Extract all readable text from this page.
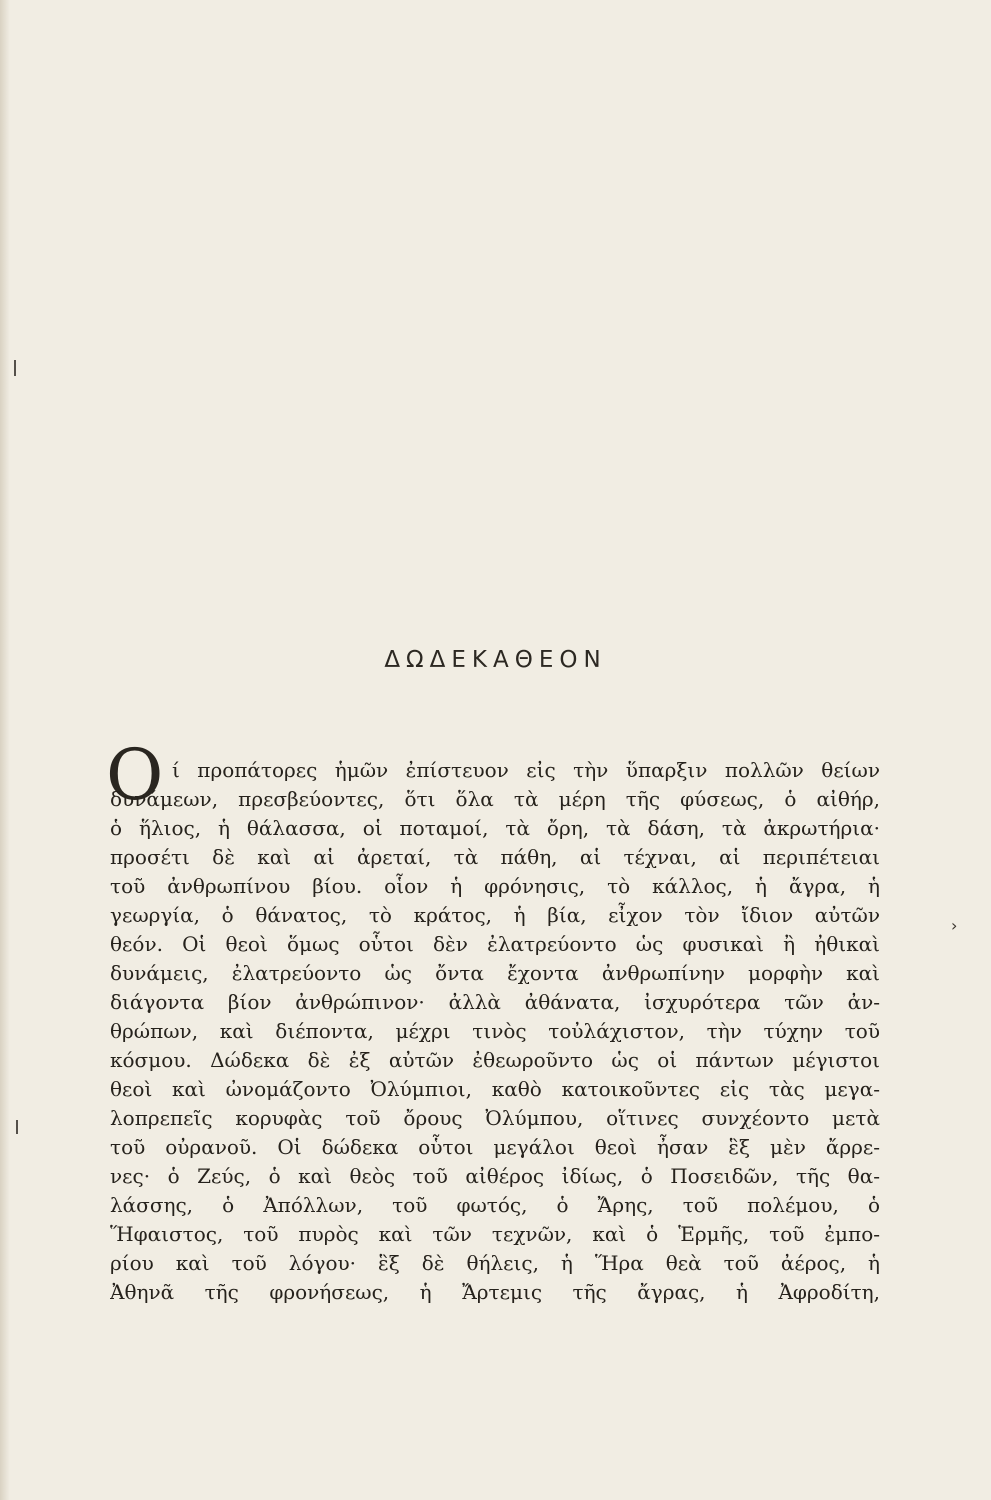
›
ΔΩΔΕΚΑΘΕΟΝ
O ί προπάτορες ἡμῶν ἐπίστευον εἰς τὴν ὕπαρξιν πολλῶν θείων
δυνάμεων, πρεσβεύοντες, ὅτι ὅλα τὰ μέρη τῆς φύσεως, ὁ αἰθήρ,
ὁ ἥλιος, ἡ θάλασσα, οἱ ποταμοί, τὰ ὄρη, τὰ δάση, τὰ ἀκρωτήρια·
προσέτι δὲ καὶ αἱ ἀρεταί, τὰ πάθη, αἱ τέχναι, αἱ περιπέτειαι
τοῦ ἀνθρωπίνου βίου. οἷον ἡ φρόνησις, τὸ κάλλος, ἡ ἄγρα, ἡ
γεωργία, ὁ θάνατος, τὸ κράτος, ἡ βία, εἶχον τὸν ἴδιον αὐτῶν
θεόν. Οἱ θεοὶ ὅμως οὗτοι δὲν ἐλατρεύοντο ὡς φυσικαὶ ἢ ἠθικαὶ
δυνάμεις, ἐλατρεύοντο ὡς ὄντα ἔχοντα ἀνθρωπίνην μορφὴν καὶ
διάγοντα βίον ἀνθρώπινον· ἀλλὰ ἀθάνατα, ἰσχυρότερα τῶν ἀν-
θρώπων, καὶ διέποντα, μέχρι τινὸς τοὐλάχιστον, τὴν τύχην τοῦ
κόσμου. Δώδεκα δὲ ἐξ αὐτῶν ἐθεωροῦντο ὡς οἱ πάντων μέγιστοι
θεοὶ καὶ ὠνομάζοντο Ὀλύμπιοι, καθὸ κατοικοῦντες εἰς τὰς μεγα-
λοπρεπεῖς κορυφὰς τοῦ ὄρους Ὀλύμπου, οἵτινες συνχέοντο μετὰ
τοῦ οὐρανοῦ. Οἱ δώδεκα οὗτοι μεγάλοι θεοὶ ἦσαν ἓξ μὲν ἄρρε-
νες· ὁ Ζεύς, ὁ καὶ θεὸς τοῦ αἰθέρος ἰδίως, ὁ Ποσειδῶν, τῆς θα-
λάσσης, ὁ Ἀπόλλων, τοῦ φωτός, ὁ Ἄρης, τοῦ πολέμου, ὁ
Ἥφαιστος, τοῦ πυρὸς καὶ τῶν τεχνῶν, καὶ ὁ Ἑρμῆς, τοῦ ἐμπο-
ρίου καὶ τοῦ λόγου· ἓξ δὲ θήλεις, ἡ Ἥρα θεὰ τοῦ ἀέρος, ἡ
Ἀθηνᾶ τῆς φρονήσεως, ἡ Ἄρτεμις τῆς ἄγρας, ἡ Ἀφροδίτη,
